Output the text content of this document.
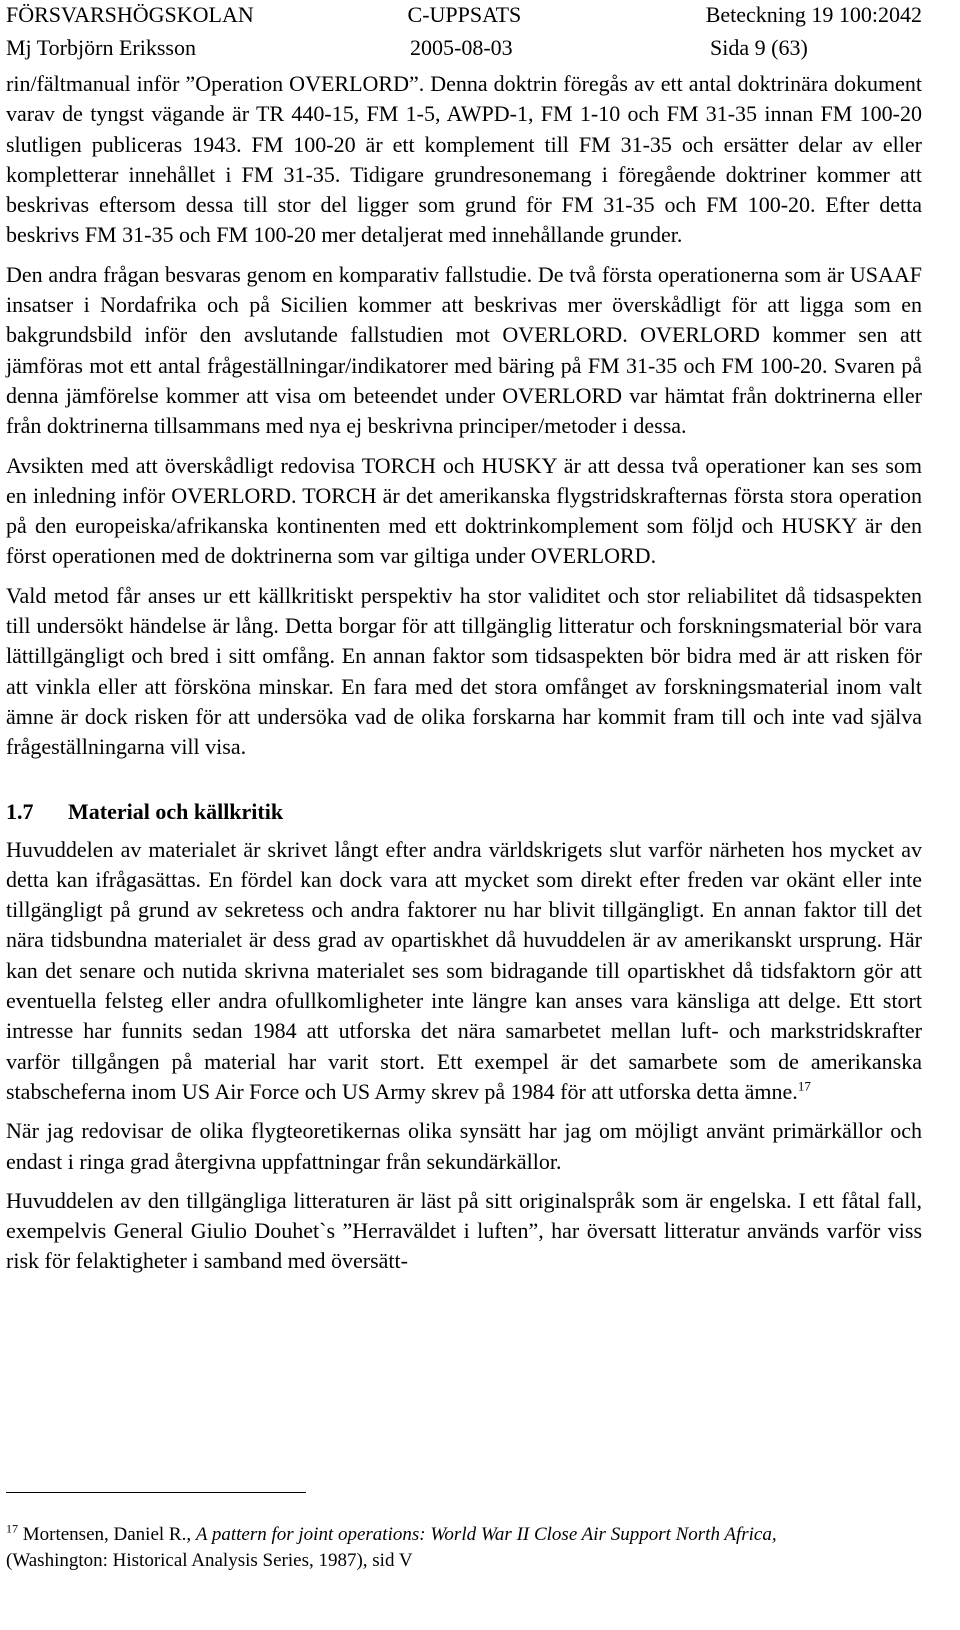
FÖRSVARSHÖGSKOLAN	C-UPPSATS	Beteckning 19 100:2042
Mj Torbjörn Eriksson	2005-08-03	Sida 9 (63)

rin/fältmanual inför ”Operation OVERLORD”. Denna doktrin föregås av ett antal doktrinära dokument varav de tyngst vägande är TR 440-15, FM 1-5, AWPD-1, FM 1-10 och FM 31-35 innan FM 100-20 slutligen publiceras 1943. FM 100-20 är ett komplement till FM 31-35 och ersätter delar av eller kompletterar innehållet i FM 31-35. Tidigare grundresonemang i föregående doktriner kommer att beskrivas eftersom dessa till stor del ligger som grund för FM 31-35 och FM 100-20. Efter detta beskrivs FM 31-35 och FM 100-20 mer detaljerat med innehållande grunder.

Den andra frågan besvaras genom en komparativ fallstudie. De två första operationerna som är USAAF insatser i Nordafrika och på Sicilien kommer att beskrivas mer överskådligt för att ligga som en bakgrundsbild inför den avslutande fallstudien mot OVERLORD. OVERLORD kommer sen att jämföras mot ett antal frågeställningar/indikatorer med bäring på FM 31-35 och FM 100-20. Svaren på denna jämförelse kommer att visa om beteendet under OVERLORD var hämtat från doktrinerna eller från doktrinerna tillsammans med nya ej beskrivna principer/metoder i dessa.

Avsikten med att överskådligt redovisa TORCH och HUSKY är att dessa två operationer kan ses som en inledning inför OVERLORD. TORCH är det amerikanska flygstridskrafternas första stora operation på den europeiska/afrikanska kontinenten med ett doktrinkomplement som följd och HUSKY är den först operationen med de doktrinerna som var giltiga under OVERLORD.

Vald metod får anses ur ett källkritiskt perspektiv ha stor validitet och stor reliabilitet då tidsaspekten till undersökt händelse är lång. Detta borgar för att tillgänglig litteratur och forskningsmaterial bör vara lättillgängligt och bred i sitt omfång. En annan faktor som tidsaspekten bör bidra med är att risken för att vinkla eller att försköna minskar. En fara med det stora omfånget av forskningsmaterial inom valt ämne är dock risken för att undersöka vad de olika forskarna har kommit fram till och inte vad själva frågeställningarna vill visa.

1.7	Material och källkritik

Huvuddelen av materialet är skrivet långt efter andra världskrigets slut varför närheten hos mycket av detta kan ifrågasättas. En fördel kan dock vara att mycket som direkt efter freden var okänt eller inte tillgängligt på grund av sekretess och andra faktorer nu har blivit tillgängligt. En annan faktor till det nära tidsbundna materialet är dess grad av opartiskhet då huvuddelen är av amerikanskt ursprung. Här kan det senare och nutida skrivna materialet ses som bidragande till opartiskhet då tidsfaktorn gör att eventuella felsteg eller andra ofullkomligheter inte längre kan anses vara känsliga att delge. Ett stort intresse har funnits sedan 1984 att utforska det nära samarbetet mellan luft- och markstridskrafter varför tillgången på material har varit stort. Ett exempel är det samarbete som de amerikanska stabscheferna inom US Air Force och US Army skrev på 1984 för att utforska detta ämne.$^{17}$

När jag redovisar de olika flygteoretikernas olika synsätt har jag om möjligt använt primärkällor och endast i ringa grad återgivna uppfattningar från sekundärkällor.

Huvuddelen av den tillgängliga litteraturen är läst på sitt originalspråk som är engelska. I ett fåtal fall, exempelvis General Giulio Douhet`s ”Herraväldet i luften”, har översatt litteratur används varför viss risk för felaktigheter i samband med översätt-

$^{17}$ Mortensen, Daniel R., A pattern for joint operations: World War II Close Air Support North Africa,
(Washington: Historical Analysis Series, 1987), sid V
